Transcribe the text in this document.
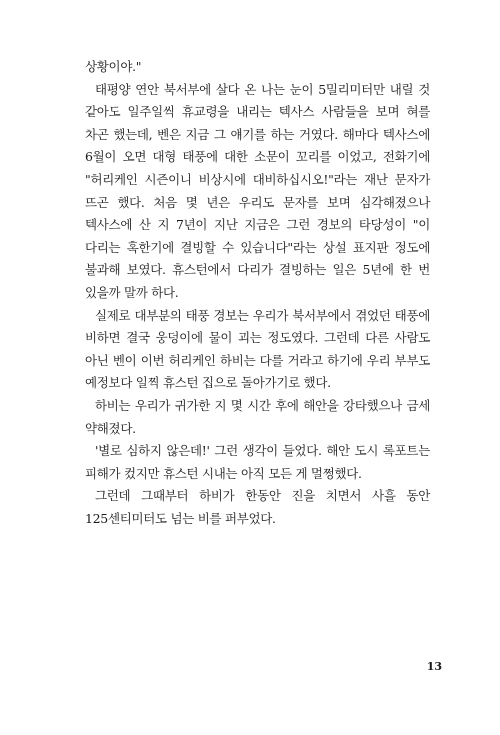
상황이야."

태평양 연안 북서부에 살다 온 나는 눈이 5밀리미터만 내릴 것 같아도 일주일씩 휴교령을 내리는 텍사스 사람들을 보며 혀를 차곤 했는데, 벤은 지금 그 얘기를 하는 거였다. 해마다 텍사스에 6월이 오면 대형 태풍에 대한 소문이 꼬리를 이었고, 전화기에 "허리케인 시즌이니 비상시에 대비하십시오!"라는 재난 문자가 뜨곤 했다. 처음 몇 년은 우리도 문자를 보며 심각해졌으나 텍사스에 산 지 7년이 지난 지금은 그런 경보의 타당성이 "이 다리는 혹한기에 결빙할 수 있습니다"라는 상설 표지판 정도에 불과해 보였다. 휴스턴에서 다리가 결빙하는 일은 5년에 한 번 있을까 말까 하다.

실제로 대부분의 태풍 경보는 우리가 북서부에서 겪었던 태풍에 비하면 결국 웅덩이에 물이 괴는 정도였다. 그런데 다른 사람도 아닌 벤이 이번 허리케인 하비는 다를 거라고 하기에 우리 부부도 예정보다 일찍 휴스턴 집으로 돌아가기로 했다.

하비는 우리가 귀가한 지 몇 시간 후에 해안을 강타했으나 금세 약해졌다.

'별로 심하지 않은데!' 그런 생각이 들었다. 해안 도시 록포트는 피해가 컸지만 휴스턴 시내는 아직 모든 게 멀쩡했다.

그런데 그때부터 하비가 한동안 진을 치면서 사흘 동안 125센티미터도 넘는 비를 퍼부었다.

13
